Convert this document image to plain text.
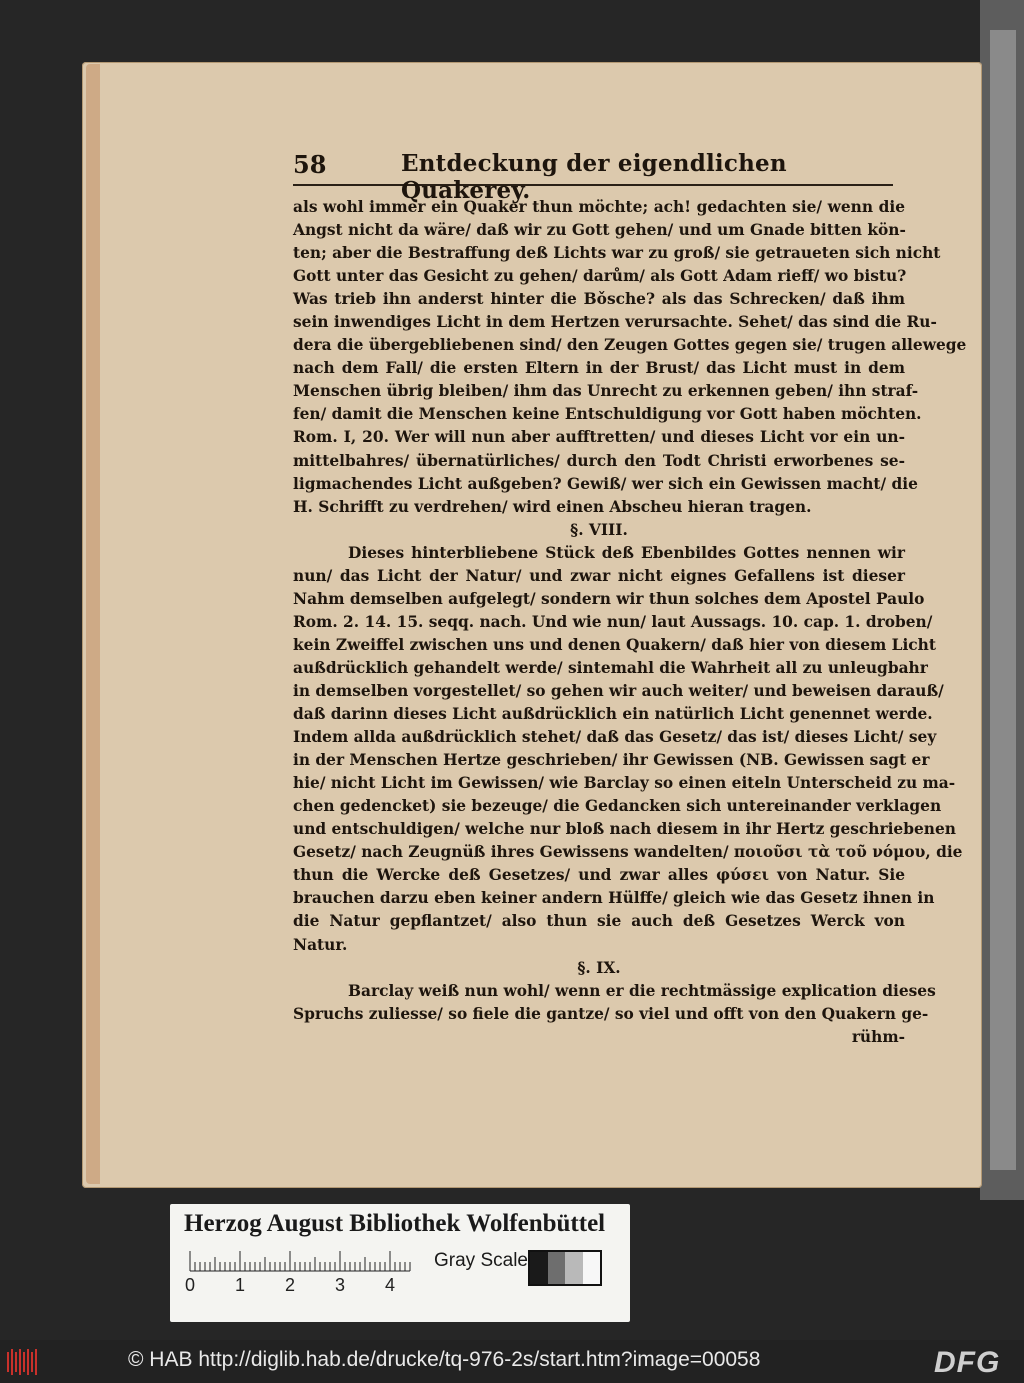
58	Entdeckung der eigendlichen Quakerey.
als wohl immer ein Quaker thun möchte; ach! gedachten sie/ wenn die
Angst nicht da wäre/ daß wir zu Gott gehen/ und um Gnade bitten kön-
ten; aber die Bestraffung deß Lichts war zu groß/ sie getraueten sich nicht
Gott unter das Gesicht zu gehen/ darům/ als Gott Adam rieff/ wo bistu?
Was trieb ihn anderst hinter die Bǒsche? als das Schrecken/ daß ihm
sein inwendiges Licht in dem Hertzen verursachte. Sehet/ das sind die Ru-
dera die übergebliebenen sind/ den Zeugen Gottes gegen sie/ trugen allewege
nach dem Fall/ die ersten Eltern in der Brust/ das Licht must in dem
Menschen übrig bleiben/ ihm das Unrecht zu erkennen geben/ ihn straf-
fen/ damit die Menschen keine Entschuldigung vor Gott haben möchten.
Rom. I, 20. Wer will nun aber aufftretten/ und dieses Licht vor ein un-
mittelbahres/ übernatürliches/ durch den Todt Christi erworbenes se-
ligmachendes Licht außgeben? Gewiß/ wer sich ein Gewissen macht/ die
H. Schrifft zu verdrehen/ wird einen Abscheu hieran tragen.
§. VIII.
Dieses hinterbliebene Stück deß Ebenbildes Gottes nennen wir
nun/ das Licht der Natur/ und zwar nicht eignes Gefallens ist dieser
Nahm demselben aufgelegt/ sondern wir thun solches dem Apostel Paulo
Rom. 2. 14. 15. seqq. nach. Und wie nun/ laut Aussags. 10. cap. 1. droben/
kein Zweiffel zwischen uns und denen Quakern/ daß hier von diesem Licht
außdrücklich gehandelt werde/ sintemahl die Wahrheit all zu unleugbahr
in demselben vorgestellet/ so gehen wir auch weiter/ und beweisen darauß/
daß darinn dieses Licht außdrücklich ein natürlich Licht genennet werde.
Indem allda außdrücklich stehet/ daß das Gesetz/ das ist/ dieses Licht/ sey
in der Menschen Hertze geschrieben/ ihr Gewissen (NB. Gewissen sagt er
hie/ nicht Licht im Gewissen/ wie Barclay so einen eiteln Unterscheid zu ma-
chen gedencket) sie bezeuge/ die Gedancken sich untereinander verklagen
und entschuldigen/ welche nur bloß nach diesem in ihr Hertz geschriebenen
Gesetz/ nach Zeugnüß ihres Gewissens wandelten/ ποιοῦσι τὰ τοῦ νόμου, die
thun die Wercke deß Gesetzes/ und zwar alles φύσει von Natur. Sie
brauchen darzu eben keiner andern Hülffe/ gleich wie das Gesetz ihnen in
die Natur gepflantzet/ also thun sie auch deß Gesetzes Werck von
Natur.
§. IX.
Barclay weiß nun wohl/ wenn er die rechtmässige explication dieses
Spruchs zuliesse/ so fiele die gantze/ so viel und offt von den Quakern ge-
rühm-
Herzog August Bibliothek Wolfenbüttel
0 1 2 3 4
Gray Scale
© HAB http://diglib.hab.de/drucke/tq-976-2s/start.htm?image=00058	DFG
